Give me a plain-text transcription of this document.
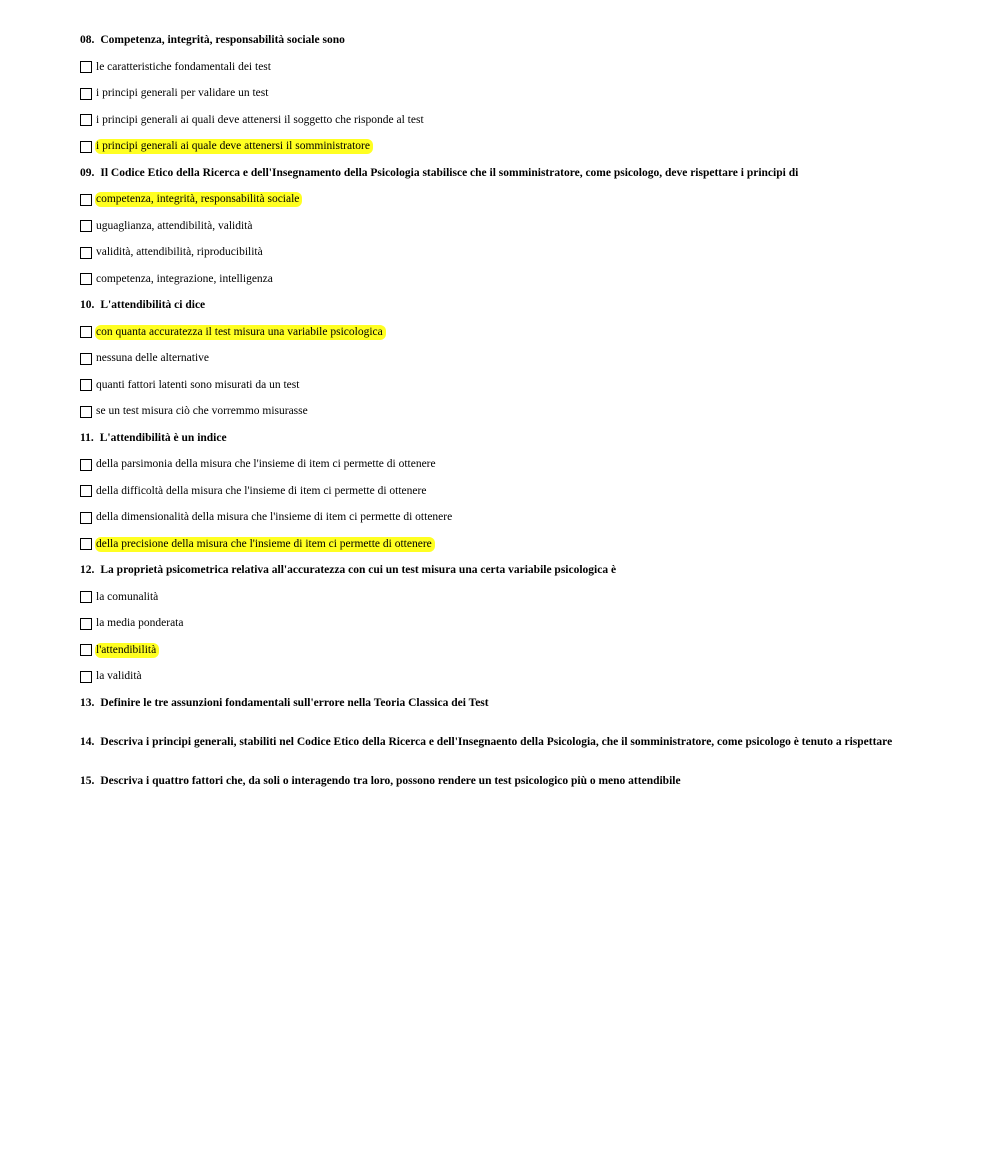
08. Competenza, integrità, responsabilità sociale sono
le caratteristiche fondamentali dei test
i principi generali per validare un test
i principi generali ai quali deve attenersi il soggetto che risponde al test
i principi generali ai quale deve attenersi il somministratore
09. Il Codice Etico della Ricerca e dell'Insegnamento della Psicologia stabilisce che il somministratore, come psicologo, deve rispettare i principi di
competenza, integrità, responsabilità sociale
uguaglianza, attendibilità, validità
validità, attendibilità, riproducibilità
competenza, integrazione, intelligenza
10. L'attendibilità ci dice
con quanta accuratezza il test misura una variabile psicologica
nessuna delle alternative
quanti fattori latenti sono misurati da un test
se un test misura ciò che vorremmo misurasse
11. L'attendibilità è un indice
della parsimonia della misura che l'insieme di item ci permette di ottenere
della difficoltà della misura che l'insieme di item ci permette di ottenere
della dimensionalità della misura che l'insieme di item ci permette di ottenere
della precisione della misura che l'insieme di item ci permette di ottenere
12. La proprietà psicometrica relativa all'accuratezza con cui un test misura una certa variabile psicologica è
la comunalità
la media ponderata
l'attendibilità
la validità
13. Definire le tre assunzioni fondamentali sull'errore nella Teoria Classica dei Test
14. Descriva i principi generali, stabiliti nel Codice Etico della Ricerca e dell'Insegnaento della Psicologia, che il somministratore, come psicologo è tenuto a rispettare
15. Descriva i quattro fattori che, da soli o interagendo tra loro, possono rendere un test psicologico più o meno attendibile
